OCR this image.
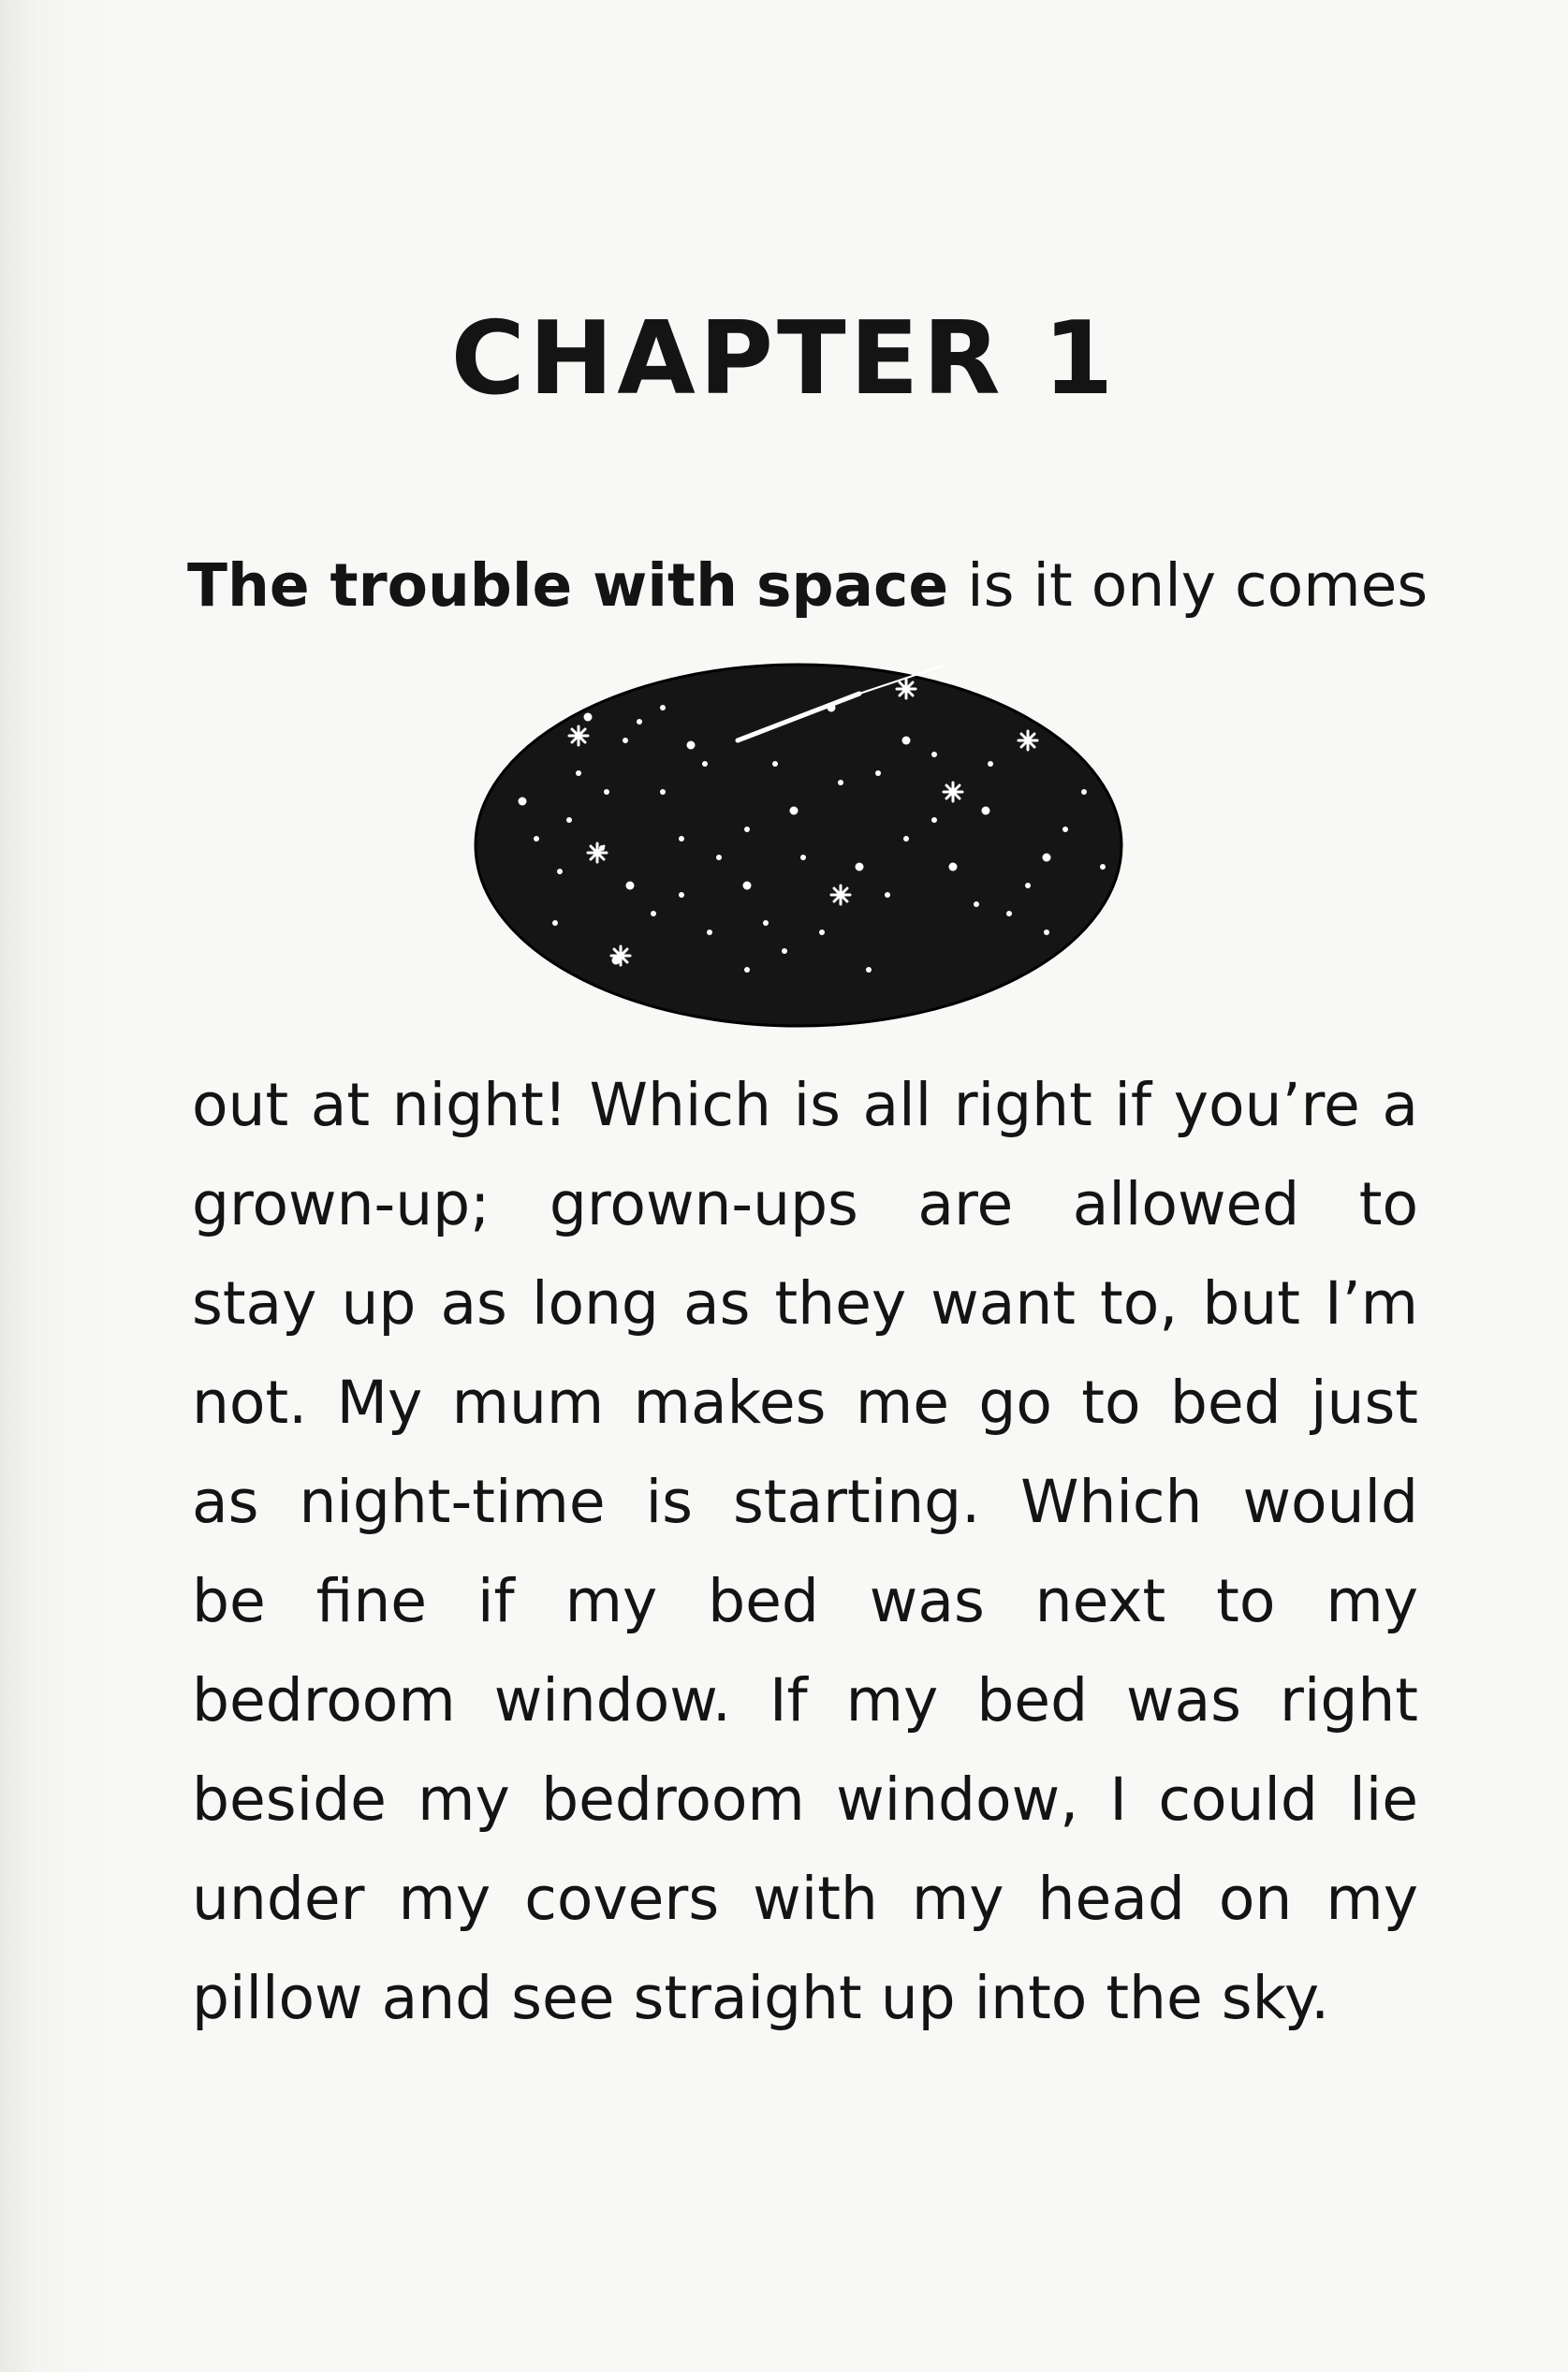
CHAPTER 1
The trouble with space is it only comes
out at night! Which is all right if you’re a
grown-up; grown-ups are allowed to
stay up as long as they want to, but I’m
not. My mum makes me go to bed just
as night-time is starting. Which would
be fine if my bed was next to my
bedroom window. If my bed was right
beside my bedroom window, I could lie
under my covers with my head on my
pillow and see straight up into the sky.
